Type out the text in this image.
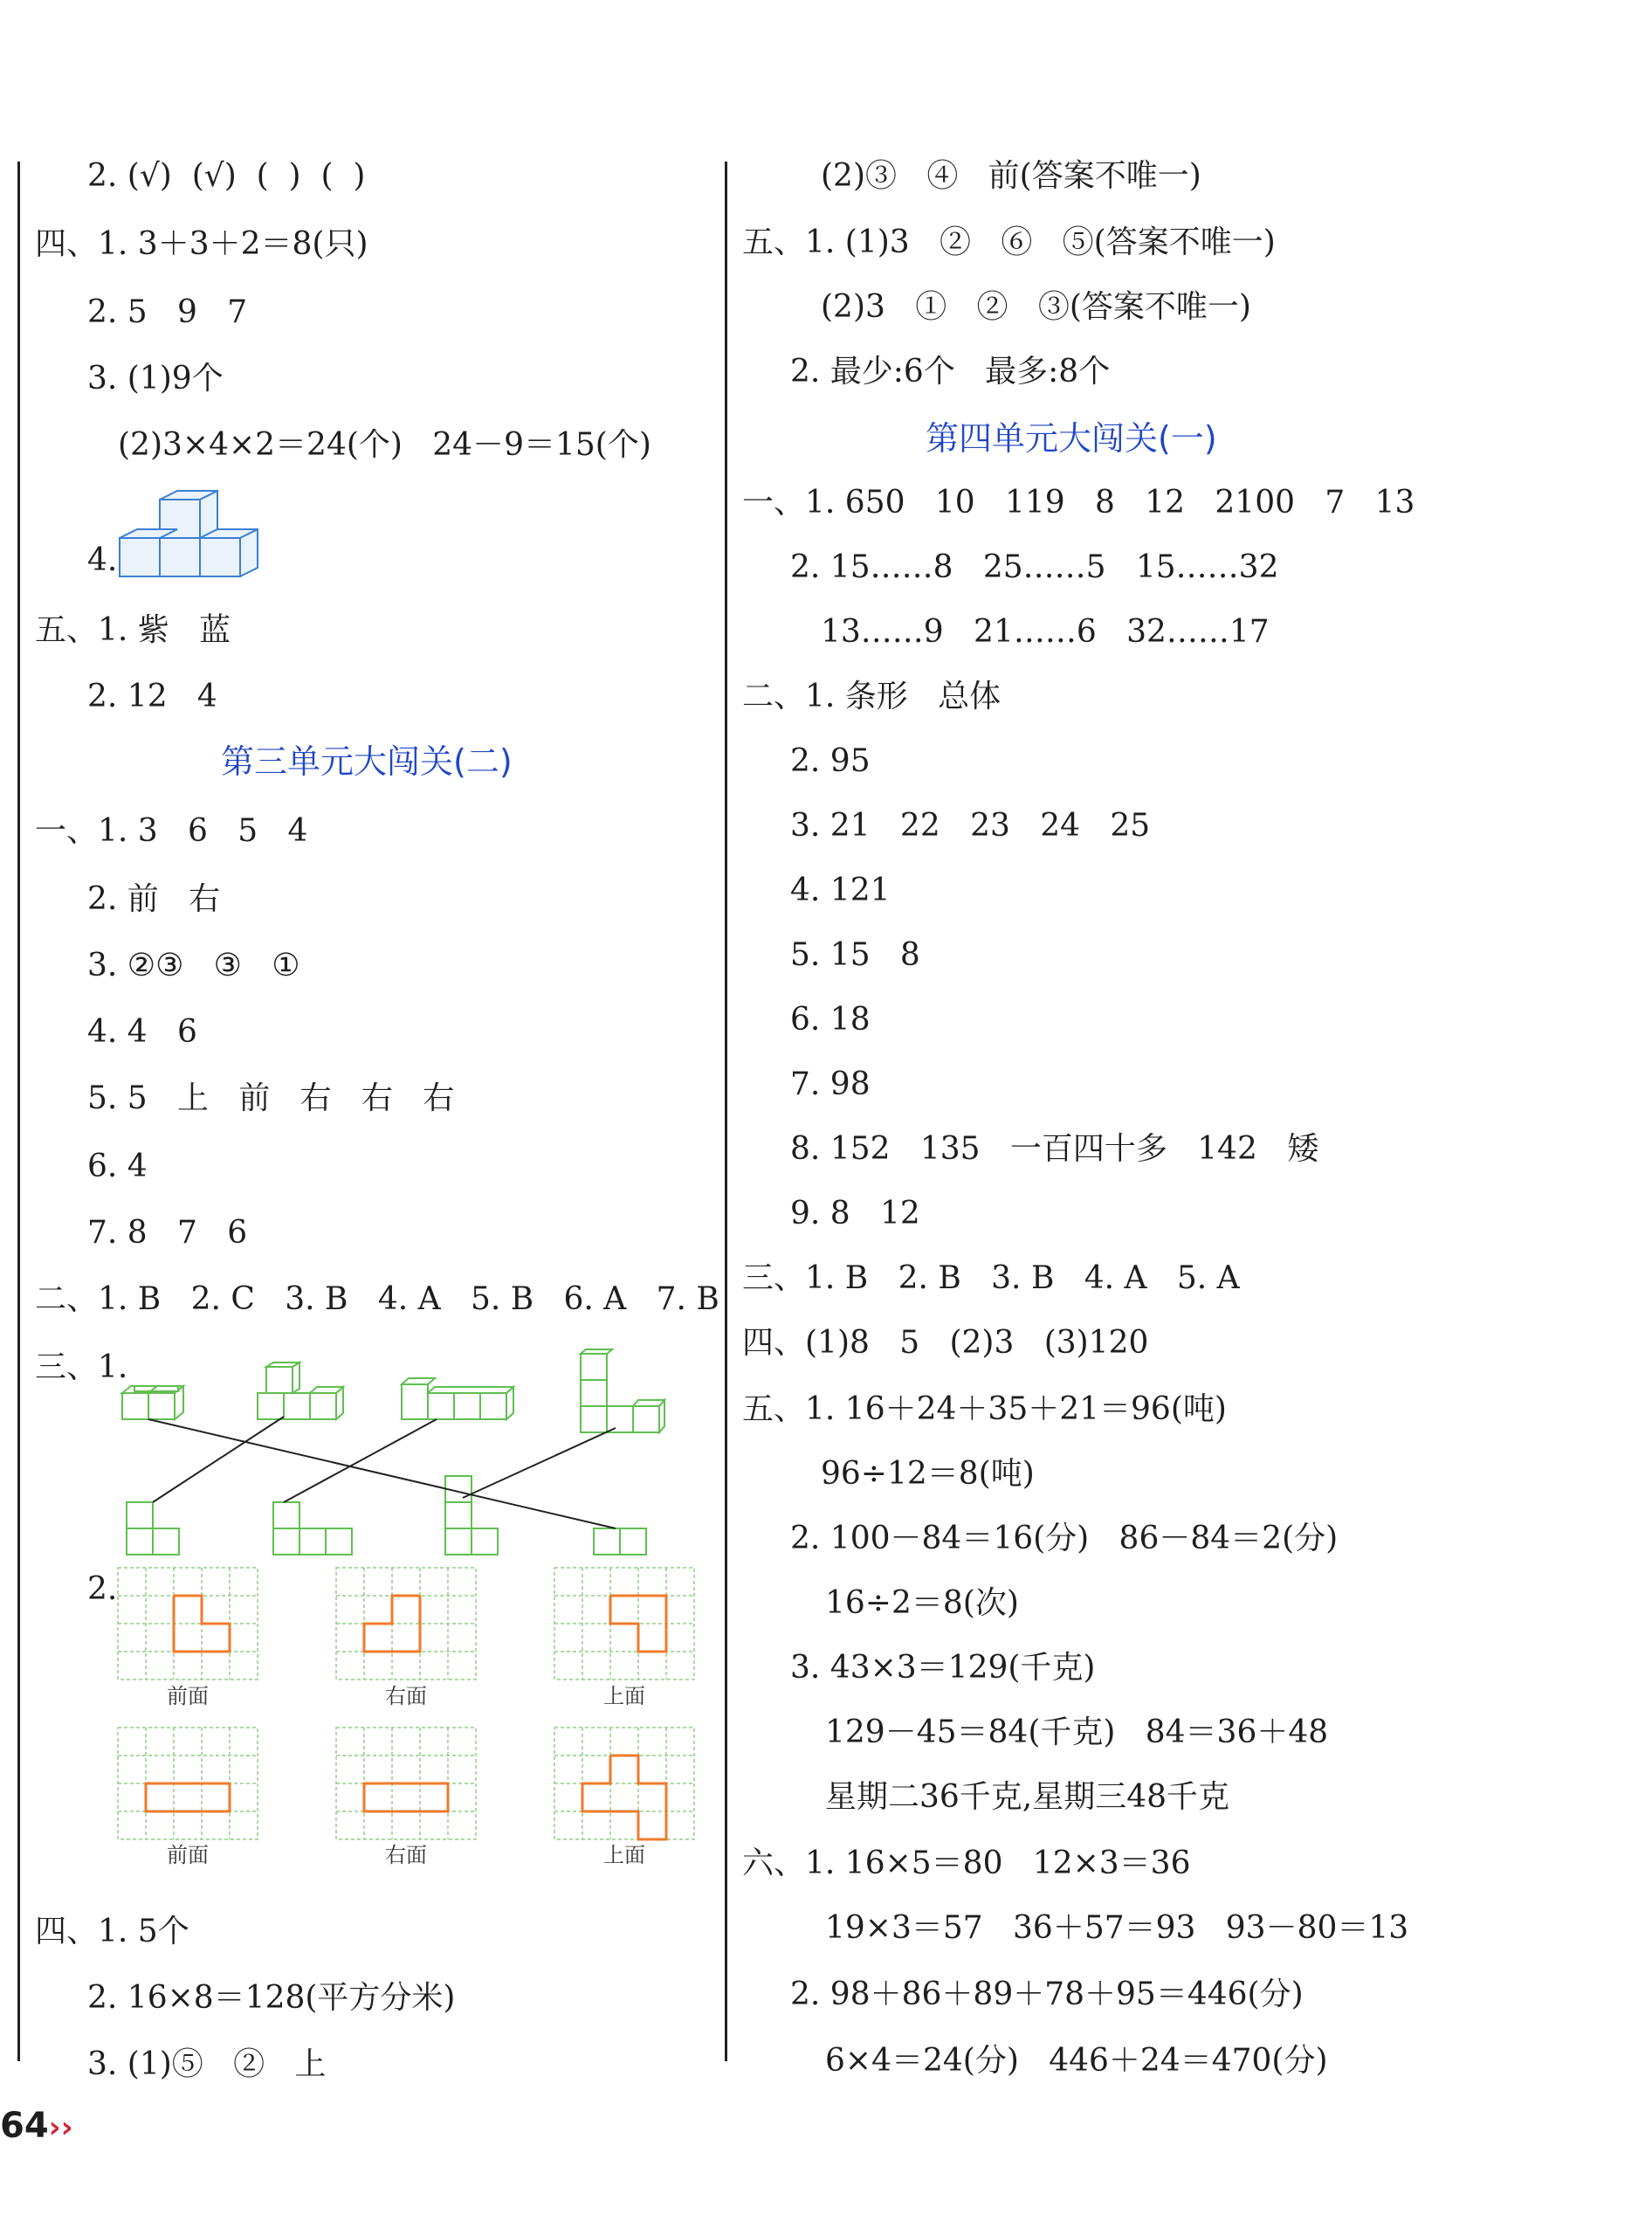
2. (√)  (√)  (  )  (  )
四、1. 3＋3＋2＝8(只)
2. 5   9   7
3. (1)9个
(2)3×4×2＝24(个)   24－9＝15(个)
4.
五、1. 紫   蓝
2. 12   4
第三单元大闯关(二)
一、1. 3   6   5   4
2. 前   右
3. ②③   ③   ①
4. 4   6
5. 5   上   前   右   右   右
6. 4
7. 8   7   6
二、1. B   2. C   3. B   4. A   5. B   6. A   7. B
三、1.
2.
前面	右面	上面
前面	右面	上面
四、1. 5个
2. 16×8＝128(平方分米)
3. (1)⑤   ②   上
(2)③   ④   前(答案不唯一)
五、1. (1)3   ②   ⑥   ⑤(答案不唯一)
(2)3   ①   ②   ③(答案不唯一)
2. 最少:6个   最多:8个
第四单元大闯关(一)
一、1. 650   10   119   8   12   2100   7   13
2. 15……8   25……5   15……32
13……9   21……6   32……17
二、1. 条形   总体
2. 95
3. 21   22   23   24   25
4. 121
5. 15   8
6. 18
7. 98
8. 152   135   一百四十多   142   矮
9. 8   12
三、1. B   2. B   3. B   4. A   5. A
四、(1)8   5   (2)3   (3)120
五、1. 16＋24＋35＋21＝96(吨)
96÷12＝8(吨)
2. 100－84＝16(分)   86－84＝2(分)
16÷2＝8(次)
3. 43×3＝129(千克)
129－45＝84(千克)   84＝36＋48
星期二36千克,星期三48千克
六、1. 16×5＝80   12×3＝36
19×3＝57   36＋57＝93   93－80＝13
2. 98＋86＋89＋78＋95＝446(分)
6×4＝24(分)   446＋24＝470(分)
64››
